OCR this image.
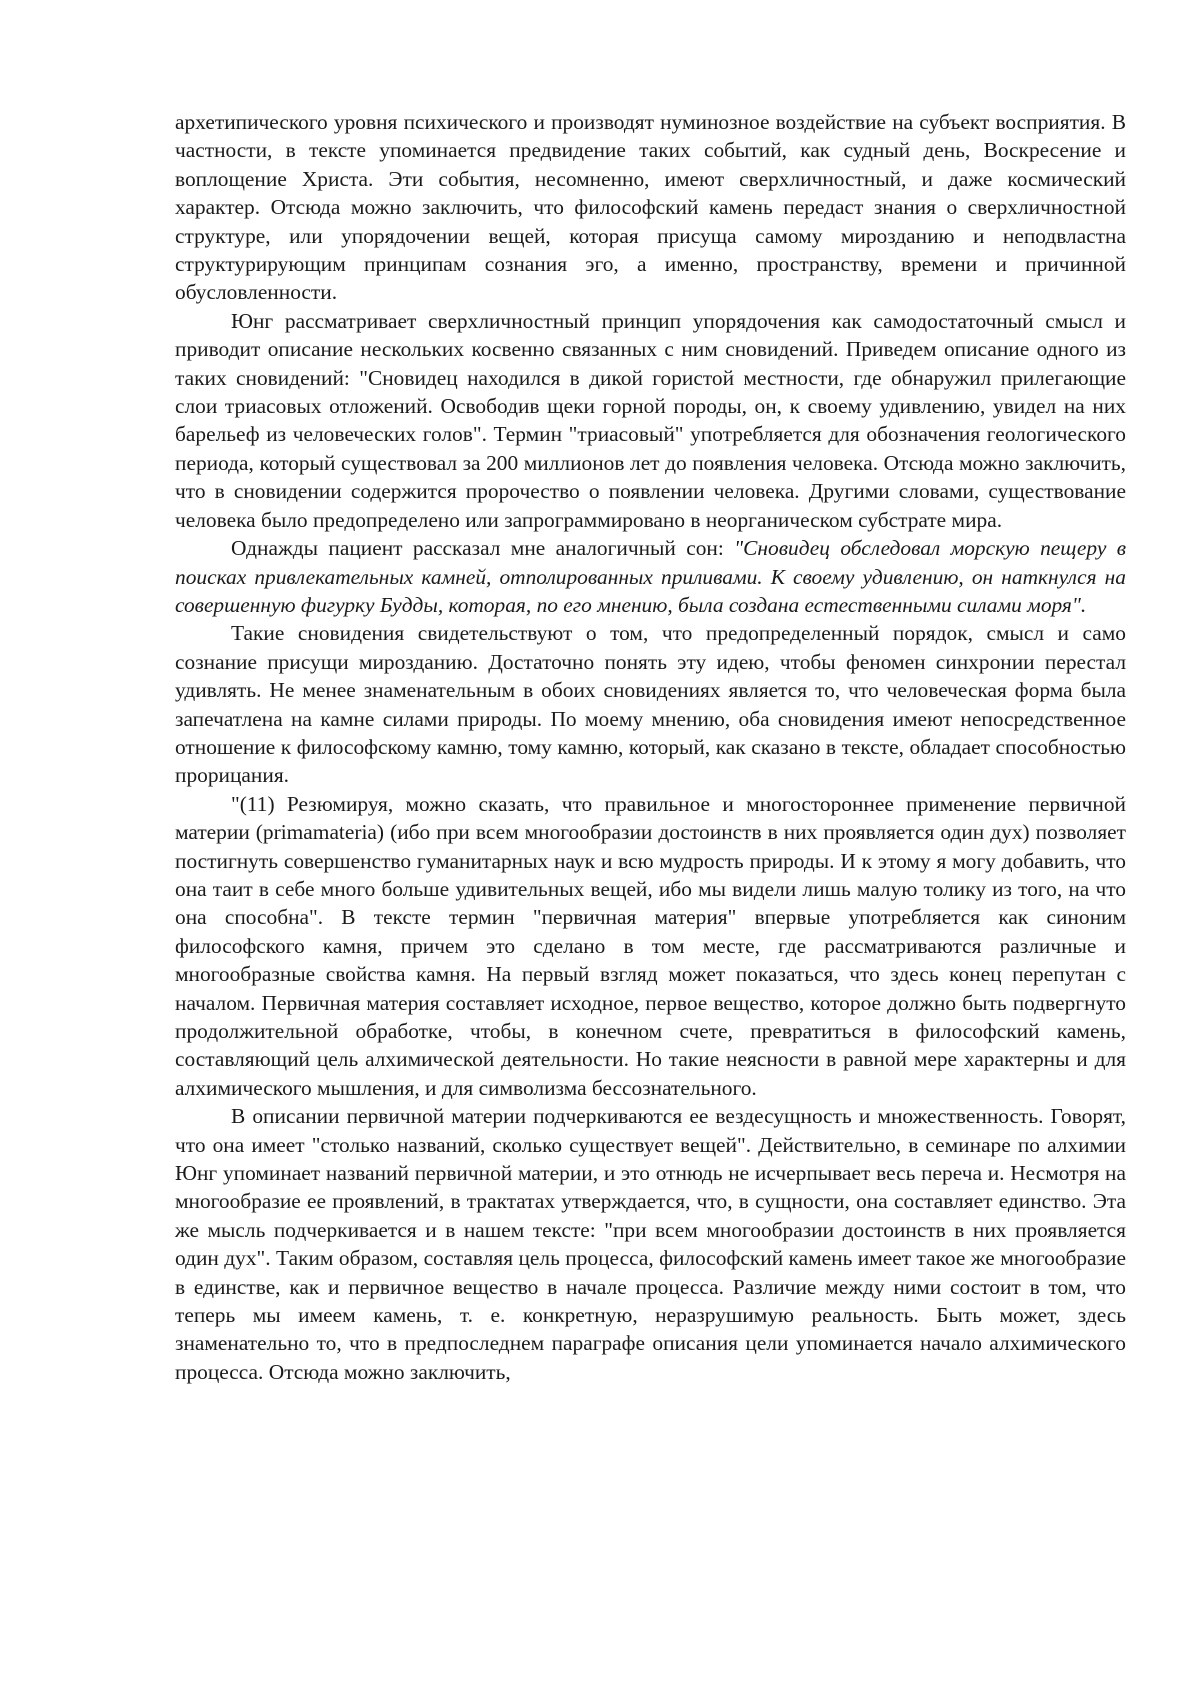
архетипического уровня психического и производят нуминозное воздействие на субъект восприятия. В частности, в тексте упоминается предвидение таких событий, как судный день, Воскресение и воплощение Христа. Эти события, несомненно, имеют сверхличностный, и даже космический характер. Отсюда можно заключить, что философский камень передаст знания о сверхличностной структуре, или упорядочении вещей, которая присуща самому мирозданию и неподвластна структурирующим принципам сознания эго, а именно, пространству, времени и причинной обусловленности.

Юнг рассматривает сверхличностный принцип упорядочения как самодостаточный смысл и приводит описание нескольких косвенно связанных с ним сновидений. Приведем описание одного из таких сновидений: "Сновидец находился в дикой гористой местности, где обнаружил прилегающие слои триасовых отложений. Освободив щеки горной породы, он, к своему удивлению, увидел на них барельеф из человеческих голов". Термин "триасовый" употребляется для обозначения геологического периода, который существовал за 200 миллионов лет до появления человека. Отсюда можно заключить, что в сновидении содержится пророчество о появлении человека. Другими словами, существование человека было предопределено или запрограммировано в неорганическом субстрате мира.

Однажды пациент рассказал мне аналогичный сон: "Сновидец обследовал морскую пещеру в поисках привлекательных камней, отполированных приливами. К своему удивлению, он наткнулся на совершенную фигурку Будды, которая, по его мнению, была создана естественными силами моря".

Такие сновидения свидетельствуют о том, что предопределенный порядок, смысл и само сознание присущи мирозданию. Достаточно понять эту идею, чтобы феномен синхронии перестал удивлять. Не менее знаменательным в обоих сновидениях является то, что человеческая форма была запечатлена на камне силами природы. По моему мнению, оба сновидения имеют непосредственное отношение к философскому камню, тому камню, который, как сказано в тексте, обладает способностью прорицания.

"(11) Резюмируя, можно сказать, что правильное и многостороннее применение первичной материи (primamateria) (ибо при всем многообразии достоинств в них проявляется один дух) позволяет постигнуть совершенство гуманитарных наук и всю мудрость природы. И к этому я могу добавить, что она таит в себе много больше удивительных вещей, ибо мы видели лишь малую толику из того, на что она способна". В тексте термин "первичная материя" впервые употребляется как синоним философского камня, причем это сделано в том месте, где рассматриваются различные и многообразные свойства камня. На первый взгляд может показаться, что здесь конец перепутан с началом. Первичная материя составляет исходное, первое вещество, которое должно быть подвергнуто продолжительной обработке, чтобы, в конечном счете, превратиться в философский камень, составляющий цель алхимической деятельности. Но такие неясности в равной мере характерны и для алхимического мышления, и для символизма бессознательного.

В описании первичной материи подчеркиваются ее вездесущность и множественность. Говорят, что она имеет "столько названий, сколько существует вещей". Действительно, в семинаре по алхимии Юнг упоминает названий первичной материи, и это отнюдь не исчерпывает весь переча и. Несмотря на многообразие ее проявлений, в трактатах утверждается, что, в сущности, она составляет единство. Эта же мысль подчеркивается и в нашем тексте: "при всем многообразии достоинств в них проявляется один дух". Таким образом, составляя цель процесса, философский камень имеет такое же многообразие в единстве, как и первичное вещество в начале процесса. Различие между ними состоит в том, что теперь мы имеем камень, т. е. конкретную, неразрушимую реальность. Быть может, здесь знаменательно то, что в предпоследнем параграфе описания цели упоминается начало алхимического процесса. Отсюда можно заключить,
